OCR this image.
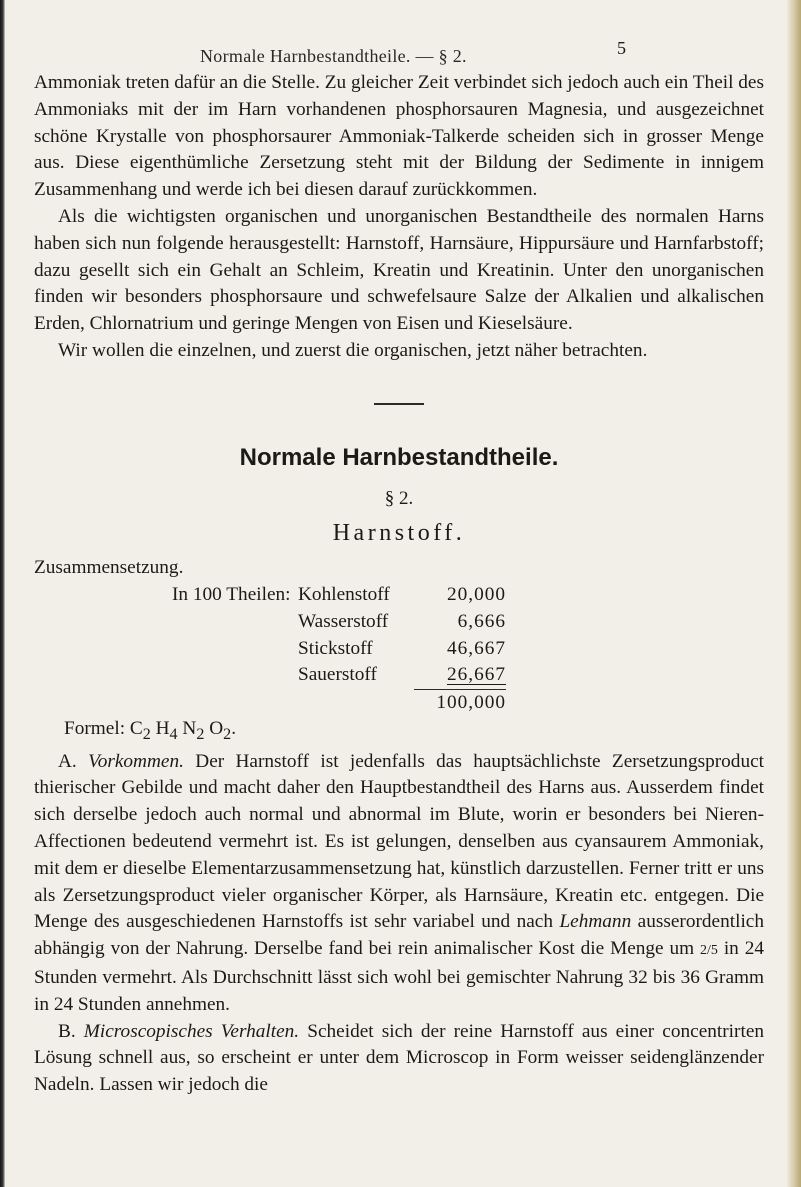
Normale Harnbestandtheile. — § 2.	5

Ammoniak treten dafür an die Stelle. Zu gleicher Zeit verbindet sich jedoch auch ein Theil des Ammoniaks mit der im Harn vorhandenen phosphorsauren Magnesia, und ausgezeichnet schöne Krystalle von phosphorsaurer Ammoniak-Talkerde scheiden sich in grosser Menge aus. Diese eigenthümliche Zersetzung steht mit der Bildung der Sedimente in innigem Zusammenhang und werde ich bei diesen darauf zurückkommen.

Als die wichtigsten organischen und unorganischen Bestandtheile des normalen Harns haben sich nun folgende herausgestellt: Harnstoff, Harnsäure, Hippursäure und Harnfarbstoff; dazu gesellt sich ein Gehalt an Schleim, Kreatin und Kreatinin. Unter den unorganischen finden wir besonders phosphorsaure und schwefelsaure Salze der Alkalien und alkalischen Erden, Chlornatrium und geringe Mengen von Eisen und Kieselsäure.

Wir wollen die einzelnen, und zuerst die organischen, jetzt näher betrachten.

Normale Harnbestandtheile.
§ 2.
Harnstoff.
Zusammensetzung.
In 100 Theilen: Kohlenstoff	20,000
Wasserstoff	6,666
Stickstoff	46,667
Sauerstoff	26,667
100,000
Formel: $C_2$ $H_4$ $N_2$ $O_2$.

A. Vorkommen. Der Harnstoff ist jedenfalls das hauptsächlichste Zersetzungsproduct thierischer Gebilde und macht daher den Hauptbestandtheil des Harns aus. Ausserdem findet sich derselbe jedoch auch normal und abnormal im Blute, worin er besonders bei Nieren-Affectionen bedeutend vermehrt ist. Es ist gelungen, denselben aus cyansaurem Ammoniak, mit dem er dieselbe Elementarzusammensetzung hat, künstlich darzustellen. Ferner tritt er uns als Zersetzungsproduct vieler organischer Körper, als Harnsäure, Kreatin etc. entgegen. Die Menge des ausgeschiedenen Harnstoffs ist sehr variabel und nach Lehmann ausserordentlich abhängig von der Nahrung. Derselbe fand bei rein animalischer Kost die Menge um 2/5 in 24 Stunden vermehrt. Als Durchschnitt lässt sich wohl bei gemischter Nahrung 32 bis 36 Gramm in 24 Stunden annehmen.

B. Microscopisches Verhalten. Scheidet sich der reine Harnstoff aus einer concentrirten Lösung schnell aus, so erscheint er unter dem Microscop in Form weisser seidenglänzender Nadeln. Lassen wir jedoch die
